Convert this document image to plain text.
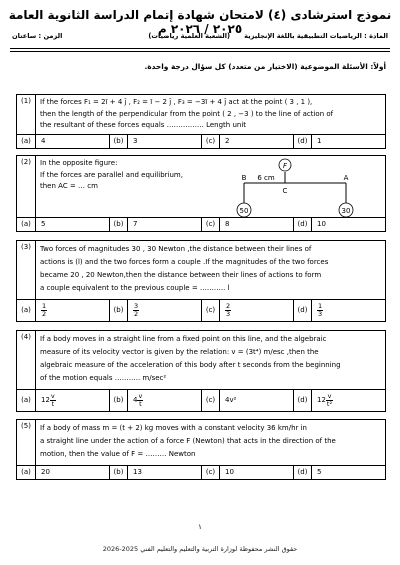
نموذج استرشادى (٤) لامتحان شهادة إتمام الدراسة الثانوية العامة ٢٠٢٥ / ٢٠٢٦ م المادة : الرياضيات التطبيقية باللغة الإنجليزية
(الشعبة العلمية رياضيات)
الزمن : ساعتان
أولاً: الأسئلة الموضوعية (الاختيار من متعدد) كل سؤال درجة واحدة.
(1)	If the forces F₁ = 2ī + 4 j̄ , F₂ = ī − 2 j̄ , F₃ = −3ī + 4 j̄ act at the point ( 3 , 1 ),

then the length of the perpendicular from the point ( 2 , −3 ) to the line of action of

the resultant of these forces equals ……………. Length unit

(a)	4	(b)	3	(c)	2	(d)	1
(2)	In the opposite figure:

If the forces are parallel and equilibrium,

then AC = … cm

F
50	30
B	A
C
6 cm
(a)	5	(b)	7	(c)	8	(d)	10
(3)	Two forces of magnitudes 30 , 30 Newton ,the distance between their lines of

actions is (l) and the two forces form a couple .If the magnitudes of the two forces

became 20 , 20 Newton,then the distance between their lines of actions to form

a couple equivalent to the previous couple = ……….. l

(a)	$\frac{1}{2}$	(b)	$\frac{3}{2}$	(c)	$\frac{2}{3}$	(d)	$\frac{1}{3}$
(4)	If a body moves in a straight line from a fixed point on this line, and the algebraic

measure of its velocity vector is given by the relation: v = (3t⁴) m/esc ,then the

algebraic measure of the acceleration of this body after t seconds from the beginning

of the motion equals ……….. m/sec²

(a)	$12 \frac{v}{t}$	(b)	$4 \frac{v}{t}$	(c)	4v²	(d)	$12 \frac{v}{\text{t²}}$
(5)	If a body of mass m = (t + 2) kg moves with a constant velocity 36 km/hr in

a straight line under the action of a force F (Newton) that acts in the direction of the

motion, then the value of F = ……… Newton

(a)	20	(b)	13	(c)	10	(d)	5
١
حقوق النشر محفوظة لوزارة التربية والتعليم والتعليم الفني 2025-2026
